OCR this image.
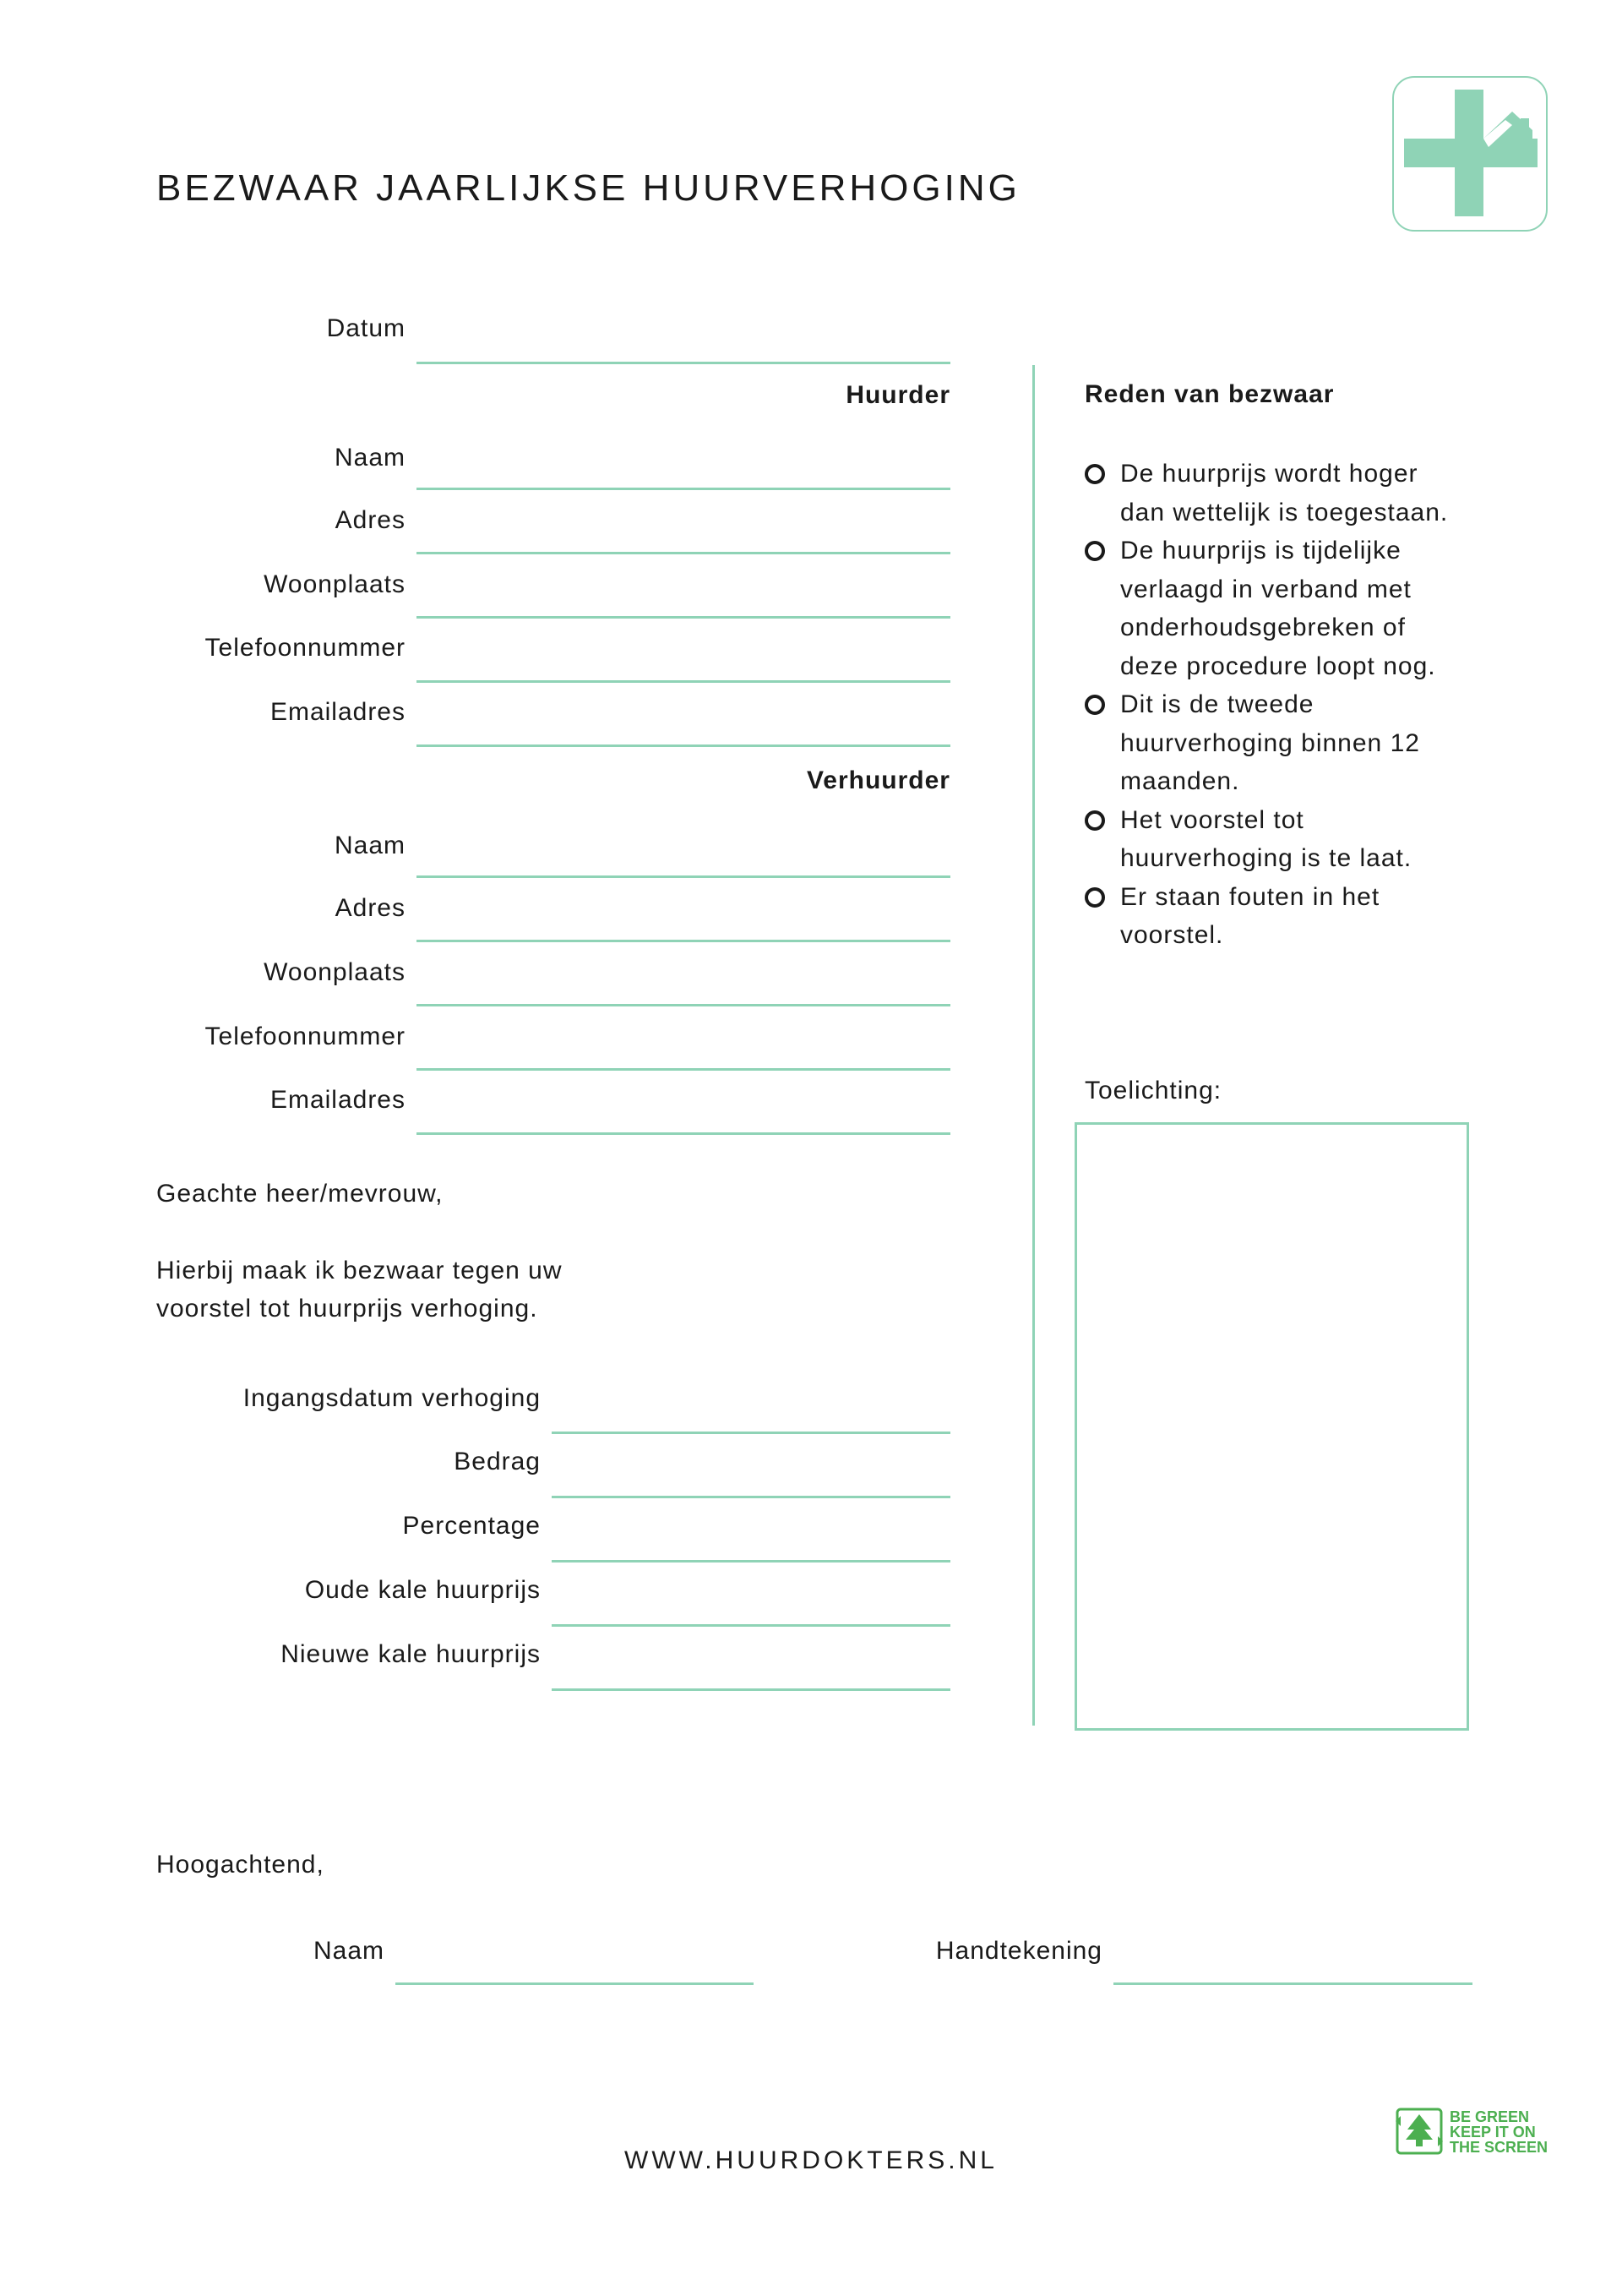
BEZWAAR JAARLIJKSE HUURVERHOGING
Datum
Huurder
Naam
Adres
Woonplaats
Telefoonnummer
Emailadres
Verhuurder
Naam
Adres
Woonplaats
Telefoonnummer
Emailadres
Geachte heer/mevrouw,
Hierbij maak ik bezwaar tegen uw
voorstel tot huurprijs verhoging.
Ingangsdatum verhoging
Bedrag
Percentage
Oude kale huurprijs
Nieuwe kale huurprijs
Reden van bezwaar
De huurprijs wordt hoger
dan wettelijk is toegestaan.
De huurprijs is tijdelijke
verlaagd in verband met
onderhoudsgebreken of
deze procedure loopt nog.
Dit is de tweede
huurverhoging binnen 12
maanden.
Het voorstel tot
huurverhoging is te laat.
Er staan fouten in het
voorstel.
Toelichting:
Hoogachtend,
Naam	Handtekening
WWW.HUURDOKTERS.NL
BE GREEN
KEEP IT ON
THE SCREEN
